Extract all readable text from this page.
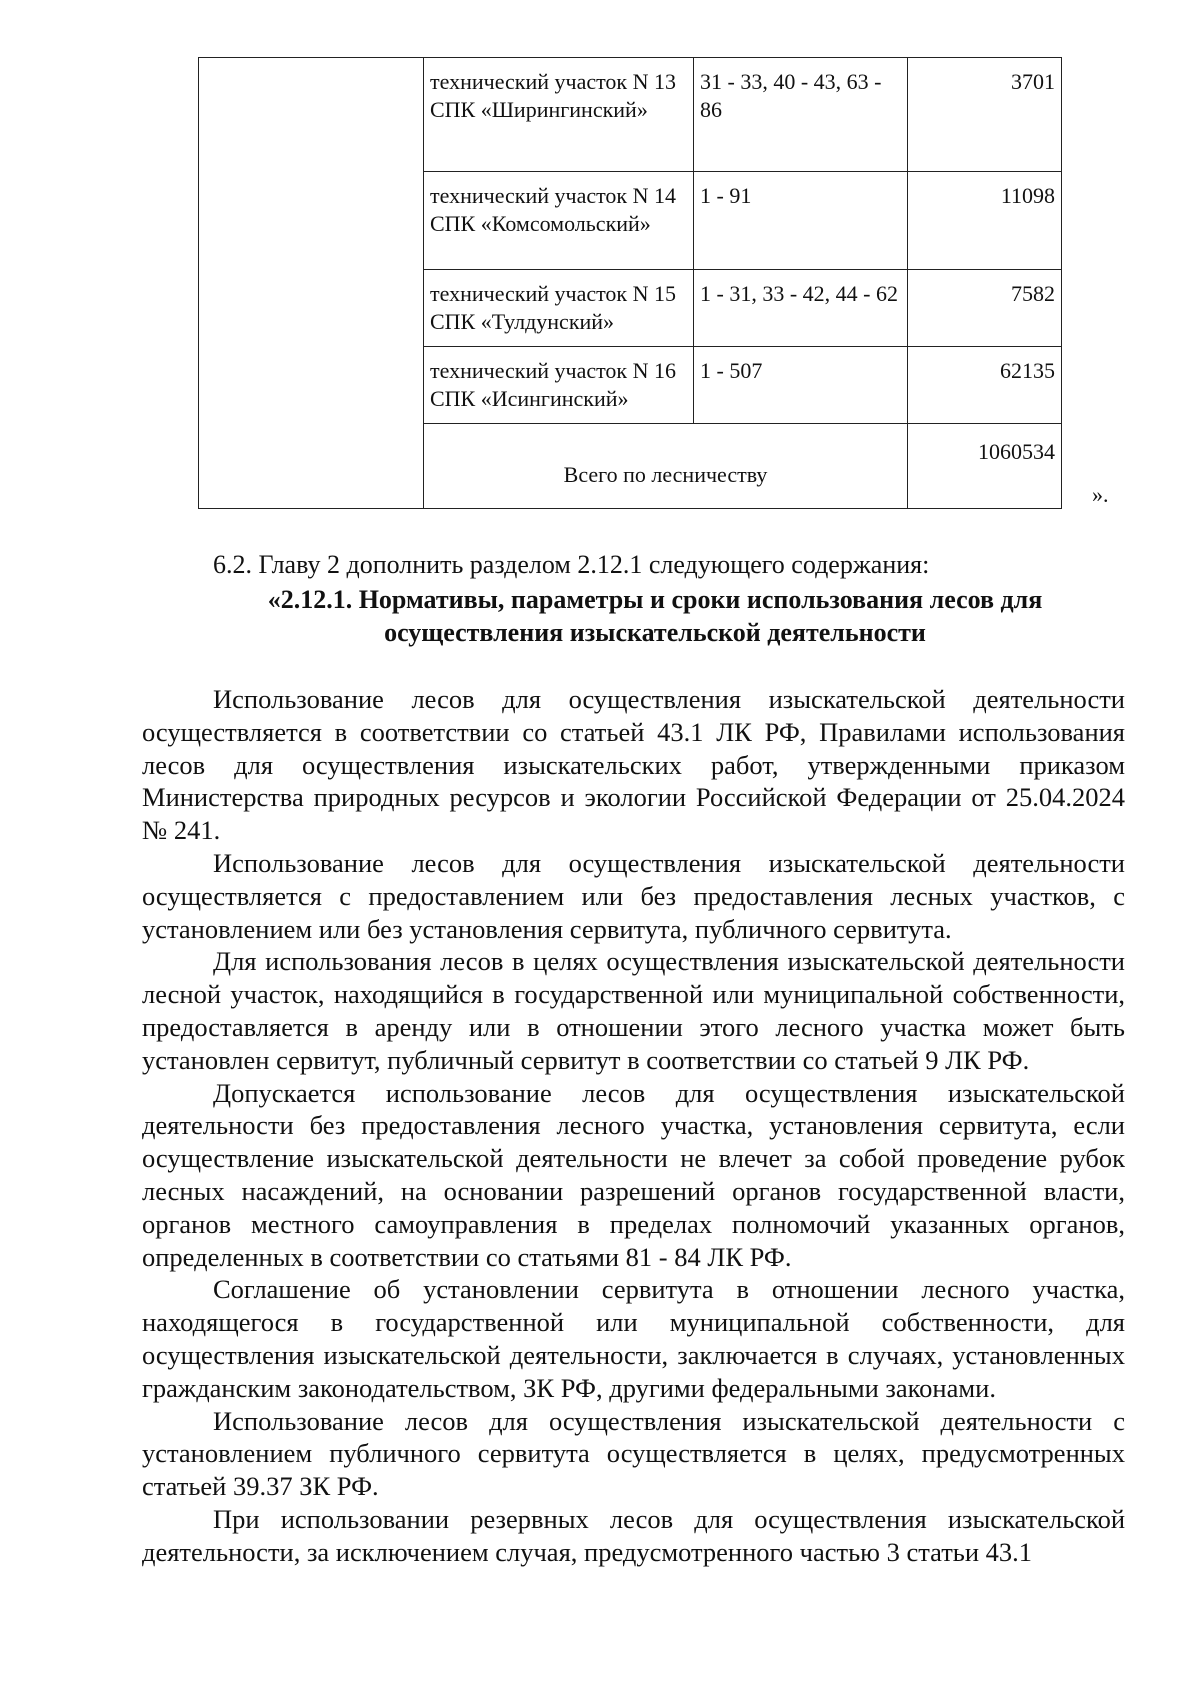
	технический участок N 13 СПК «Ширингинский»	31 - 33, 40 - 43, 63 - 86	3701
	технический участок N 14 СПК «Комсомольский»	1 - 91	11098
	технический участок N 15 СПК «Тулдунский»	1 - 31, 33 - 42, 44 - 62	7582
	технический участок N 16 СПК «Исингинский»	1 - 507	62135
	Всего по лесничеству		1060534
».
6.2. Главу 2 дополнить разделом 2.12.1 следующего содержания:
«2.12.1. Нормативы, параметры и сроки использования лесов для осуществления изыскательской деятельности

Использование лесов для осуществления изыскательской деятельности осуществляется в соответствии со статьей 43.1 ЛК РФ, Правилами использования лесов для осуществления изыскательских работ, утвержденными приказом Министерства природных ресурсов и экологии Российской Федерации от 25.04.2024 № 241.

Использование лесов для осуществления изыскательской деятельности осуществляется с предоставлением или без предоставления лесных участков, с установлением или без установления сервитута, публичного сервитута.

Для использования лесов в целях осуществления изыскательской деятельности лесной участок, находящийся в государственной или муниципальной собственности, предоставляется в аренду или в отношении этого лесного участка может быть установлен сервитут, публичный сервитут в соответствии со статьей 9 ЛК РФ.

Допускается использование лесов для осуществления изыскательской деятельности без предоставления лесного участка, установления сервитута, если осуществление изыскательской деятельности не влечет за собой проведение рубок лесных насаждений, на основании разрешений органов государственной власти, органов местного самоуправления в пределах полномочий указанных органов, определенных в соответствии со статьями 81 - 84 ЛК РФ.

Соглашение об установлении сервитута в отношении лесного участка, находящегося в государственной или муниципальной собственности, для осуществления изыскательской деятельности, заключается в случаях, установленных гражданским законодательством, ЗК РФ, другими федеральными законами.

Использование лесов для осуществления изыскательской деятельности с установлением публичного сервитута осуществляется в целях, предусмотренных статьей 39.37 ЗК РФ.

При использовании резервных лесов для осуществления изыскательской деятельности, за исключением случая, предусмотренного частью 3 статьи 43.1
